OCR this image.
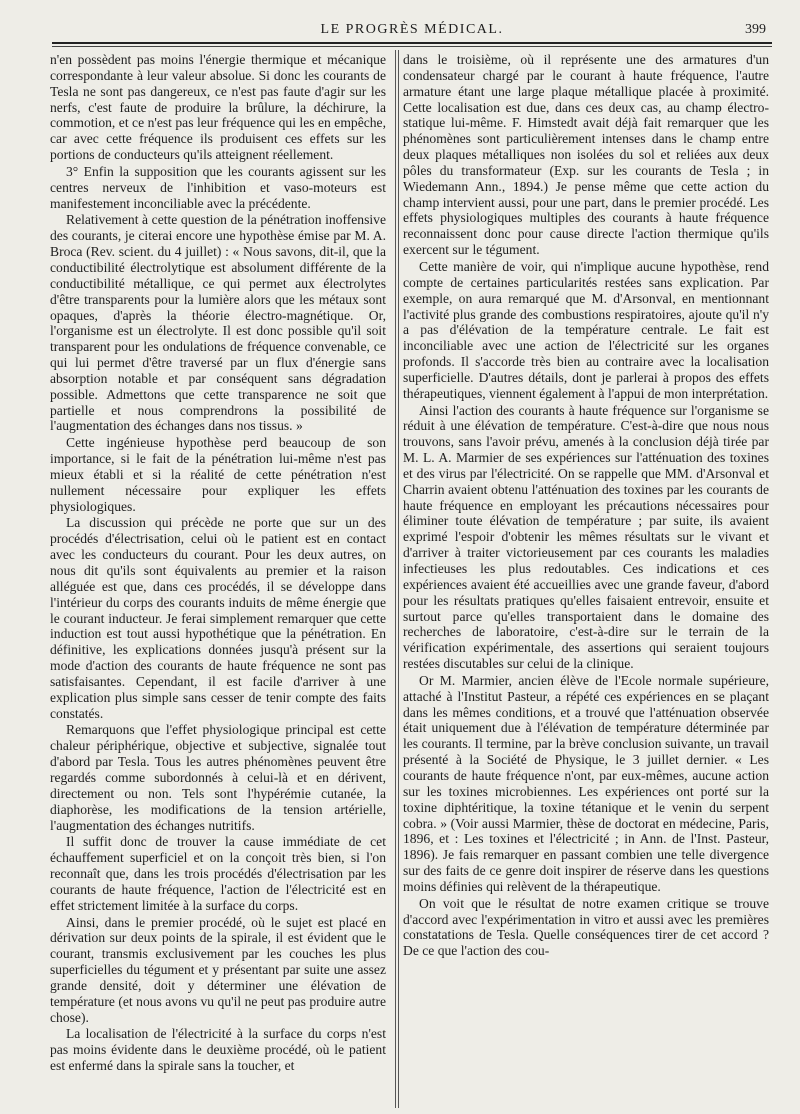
LE PROGRÈS MÉDICAL.	399

n'en possèdent pas moins l'énergie thermique et mécanique correspondante à leur valeur absolue. Si donc les courants de Tesla ne sont pas dangereux, ce n'est pas faute d'agir sur les nerfs, c'est faute de produire la brûlure, la déchirure, la commotion, et ce n'est pas leur fréquence qui les en empêche, car avec cette fréquence ils produisent ces effets sur les portions de conducteurs qu'ils atteignent réellement.

3° Enfin la supposition que les courants agissent sur les centres nerveux de l'inhibition et vaso-moteurs est manifestement inconciliable avec la précédente.

Relativement à cette question de la pénétration inoffensive des courants, je citerai encore une hypothèse émise par M. A. Broca (Rev. scient. du 4 juillet) : « Nous savons, dit-il, que la conductibilité électrolytique est absolument différente de la conductibilité métallique, ce qui permet aux électrolytes d'être transparents pour la lumière alors que les métaux sont opaques, d'après la théorie électro-magnétique. Or, l'organisme est un électrolyte. Il est donc possible qu'il soit transparent pour les ondulations de fréquence convenable, ce qui lui permet d'être traversé par un flux d'énergie sans absorption notable et par conséquent sans dégradation possible. Admettons que cette transparence ne soit que partielle et nous comprendrons la possibilité de l'augmentation des échanges dans nos tissus. »

Cette ingénieuse hypothèse perd beaucoup de son importance, si le fait de la pénétration lui-même n'est pas mieux établi et si la réalité de cette pénétration n'est nullement nécessaire pour expliquer les effets physiologiques.

La discussion qui précède ne porte que sur un des procédés d'électrisation, celui où le patient est en contact avec les conducteurs du courant. Pour les deux autres, on nous dit qu'ils sont équivalents au premier et la raison alléguée est que, dans ces procédés, il se développe dans l'intérieur du corps des courants induits de même énergie que le courant inducteur. Je ferai simplement remarquer que cette induction est tout aussi hypothétique que la pénétration. En définitive, les explications données jusqu'à présent sur la mode d'action des courants de haute fréquence ne sont pas satisfaisantes. Cependant, il est facile d'arriver à une explication plus simple sans cesser de tenir compte des faits constatés.

Remarquons que l'effet physiologique principal est cette chaleur périphérique, objective et subjective, signalée tout d'abord par Tesla. Tous les autres phénomènes peuvent être regardés comme subordonnés à celui-là et en dérivent, directement ou non. Tels sont l'hypérémie cutanée, la diaphorèse, les modifications de la tension artérielle, l'augmentation des échanges nutritifs.

Il suffit donc de trouver la cause immédiate de cet échauffement superficiel et on la conçoit très bien, si l'on reconnaît que, dans les trois procédés d'électrisation par les courants de haute fréquence, l'action de l'électricité est en effet strictement limitée à la surface du corps.

Ainsi, dans le premier procédé, où le sujet est placé en dérivation sur deux points de la spirale, il est évident que le courant, transmis exclusivement par les couches les plus superficielles du tégument et y présentant par suite une assez grande densité, doit y déterminer une élévation de température (et nous avons vu qu'il ne peut pas produire autre chose).

La localisation de l'électricité à la surface du corps n'est pas moins évidente dans le deuxième procédé, où le patient est enfermé dans la spirale sans la toucher, et

dans le troisième, où il représente une des armatures d'un condensateur chargé par le courant à haute fréquence, l'autre armature étant une large plaque métallique placée à proximité. Cette localisation est due, dans ces deux cas, au champ électro-statique lui-même. F. Himstedt avait déjà fait remarquer que les phénomènes sont particulièrement intenses dans le champ entre deux plaques métalliques non isolées du sol et reliées aux deux pôles du transformateur (Exp. sur les courants de Tesla ; in Wiedemann Ann., 1894.) Je pense même que cette action du champ intervient aussi, pour une part, dans le premier procédé. Les effets physiologiques multiples des courants à haute fréquence reconnaissent donc pour cause directe l'action thermique qu'ils exercent sur le tégument.

Cette manière de voir, qui n'implique aucune hypothèse, rend compte de certaines particularités restées sans explication. Par exemple, on aura remarqué que M. d'Arsonval, en mentionnant l'activité plus grande des combustions respiratoires, ajoute qu'il n'y a pas d'élévation de la température centrale. Le fait est inconciliable avec une action de l'électricité sur les organes profonds. Il s'accorde très bien au contraire avec la localisation superficielle. D'autres détails, dont je parlerai à propos des effets thérapeutiques, viennent également à l'appui de mon interprétation.

Ainsi l'action des courants à haute fréquence sur l'organisme se réduit à une élévation de température. C'est-à-dire que nous nous trouvons, sans l'avoir prévu, amenés à la conclusion déjà tirée par M. L. A. Marmier de ses expériences sur l'atténuation des toxines et des virus par l'électricité. On se rappelle que MM. d'Arsonval et Charrin avaient obtenu l'atténuation des toxines par les courants de haute fréquence en employant les précautions nécessaires pour éliminer toute élévation de température ; par suite, ils avaient exprimé l'espoir d'obtenir les mêmes résultats sur le vivant et d'arriver à traiter victorieusement par ces courants les maladies infectieuses les plus redoutables. Ces indications et ces expériences avaient été accueillies avec une grande faveur, d'abord pour les résultats pratiques qu'elles faisaient entrevoir, ensuite et surtout parce qu'elles transportaient dans le domaine des recherches de laboratoire, c'est-à-dire sur le terrain de la vérification expérimentale, des assertions qui seraient toujours restées discutables sur celui de la clinique.

Or M. Marmier, ancien élève de l'Ecole normale supérieure, attaché à l'Institut Pasteur, a répété ces expériences en se plaçant dans les mêmes conditions, et a trouvé que l'atténuation observée était uniquement due à l'élévation de température déterminée par les courants. Il termine, par la brève conclusion suivante, un travail présenté à la Société de Physique, le 3 juillet dernier. « Les courants de haute fréquence n'ont, par eux-mêmes, aucune action sur les toxines microbiennes. Les expériences ont porté sur la toxine diphtéritique, la toxine tétanique et le venin du serpent cobra. » (Voir aussi Marmier, thèse de doctorat en médecine, Paris, 1896, et : Les toxines et l'électricité ; in Ann. de l'Inst. Pasteur, 1896). Je fais remarquer en passant combien une telle divergence sur des faits de ce genre doit inspirer de réserve dans les questions moins définies qui relèvent de la thérapeutique.

On voit que le résultat de notre examen critique se trouve d'accord avec l'expérimentation in vitro et aussi avec les premières constatations de Tesla. Quelle conséquences tirer de cet accord ? De ce que l'action des cou-
